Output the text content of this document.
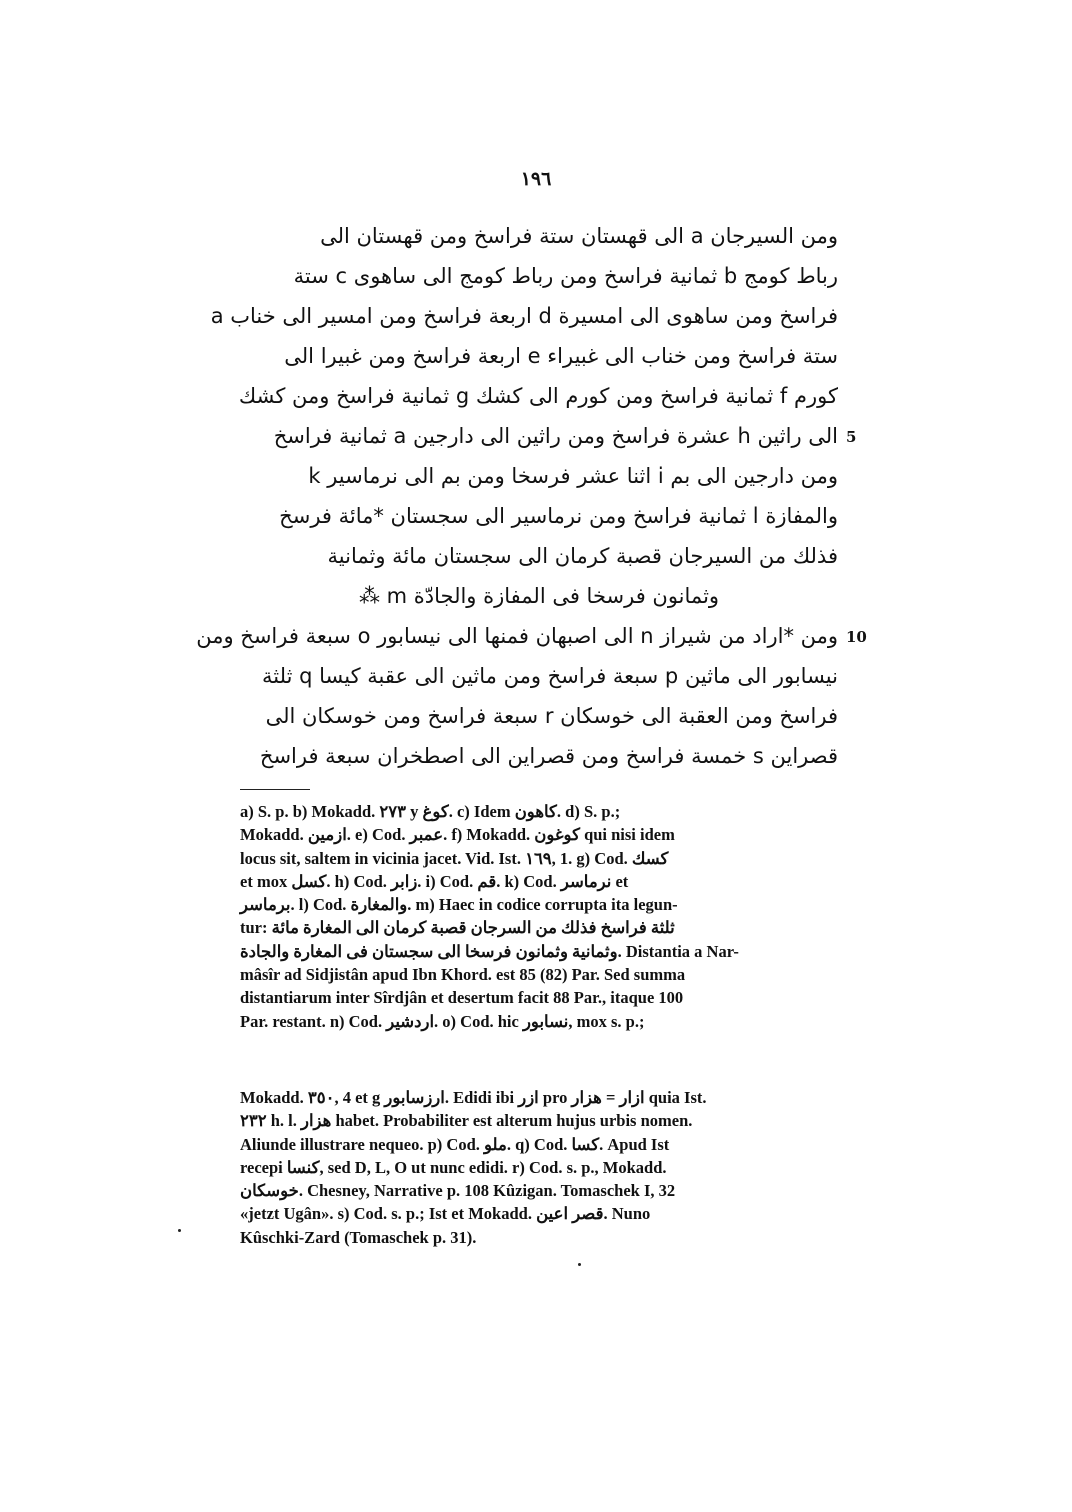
١٩٦
ومن السيرجان a الى قهستان ستة فراسخ ومن قهستان الى
رباط كومج b ثمانية فراسخ ومن رباط كومج الى ساهوى c ستة
فراسخ ومن ساهوى الى امسيرة d اربعة فراسخ ومن امسير الى خناب a
ستة فراسخ ومن خناب الى غبيراء e اربعة فراسخ ومن غبيرا الى
كورم f ثمانية فراسخ ومن كورم الى كشك g ثمانية فراسخ ومن كشك
الى راثين h عشرة فراسخ ومن راثين الى دارجين a ثمانية فراسخ
ومن دارجين الى بم i اثنا عشر فرسخا ومن بم الى نرماسير k
والمفازة l ثمانية فراسخ ومن نرماسير الى سجستان *مائة فرسخ
فذلك من السيرجان قصبة كرمان الى سجستان مائة وثمانية
وثمانون فرسخا فى المفازة والجادّة m ⁂
ومن *اراد من شيراز n الى اصبهان فمنها الى نيسابور o سبعة فراسخ ومن
نيسابور الى ماثين p سبعة فراسخ ومن ماثين الى عقبة كيسا q ثلثة
فراسخ ومن العقبة الى خوسكان r سبعة فراسخ ومن خوسكان الى
قصراين s خمسة فراسخ ومن قصراين الى اصطخران سبعة فراسخ
5
10
a) S. p. b) Mokadd. ٢٧٣ y كوغ. c) Idem كاهون. d) S. p.;
Mokadd. ازمين. e) Cod. عمبر. f) Mokadd. كوغون qui nisi idem
locus sit, saltem in vicinia jacet. Vid. Ist. ١٦٩, 1. g) Cod. كسك
et mox كسل. h) Cod. زابر. i) Cod. قم. k) Cod. نرماسر et
برماسر. l) Cod. والمغارة. m) Haec in codice corrupta ita legun-
tur: ثلثة فراسخ فذلك من السرجان قصبة كرمان الى المغارة مائة
وثمانية وثمانون فرسخا الى سجستان فى المغارة والجادة. Distantia a Nar-
mâsîr ad Sidjistân apud Ibn Khord. est 85 (82) Par. Sed summa
distantiarum inter Sîrdjân et desertum facit 88 Par., itaque 100
Par. restant. n) Cod. اردشير. o) Cod. hic نسابور, mox s. p.;
Mokadd. ٣٥٠, 4 et g ارزسابور. Edidi ibi ازر pro ازار = هزار quia Ist.
٢٣٢ h. l. هزار habet. Probabiliter est alterum hujus urbis nomen.
Aliunde illustrare nequeo. p) Cod. ملو. q) Cod. كسا. Apud Ist
recepi كنسا, sed D, L, O ut nunc edidi. r) Cod. s. p., Mokadd.
خوسكان. Chesney, Narrative p. 108 Kûzigan. Tomaschek I, 32
«jetzt Ugân». s) Cod. s. p.; Ist et Mokadd. قصر اعين. Nuno
Kûschki-Zard (Tomaschek p. 31).
